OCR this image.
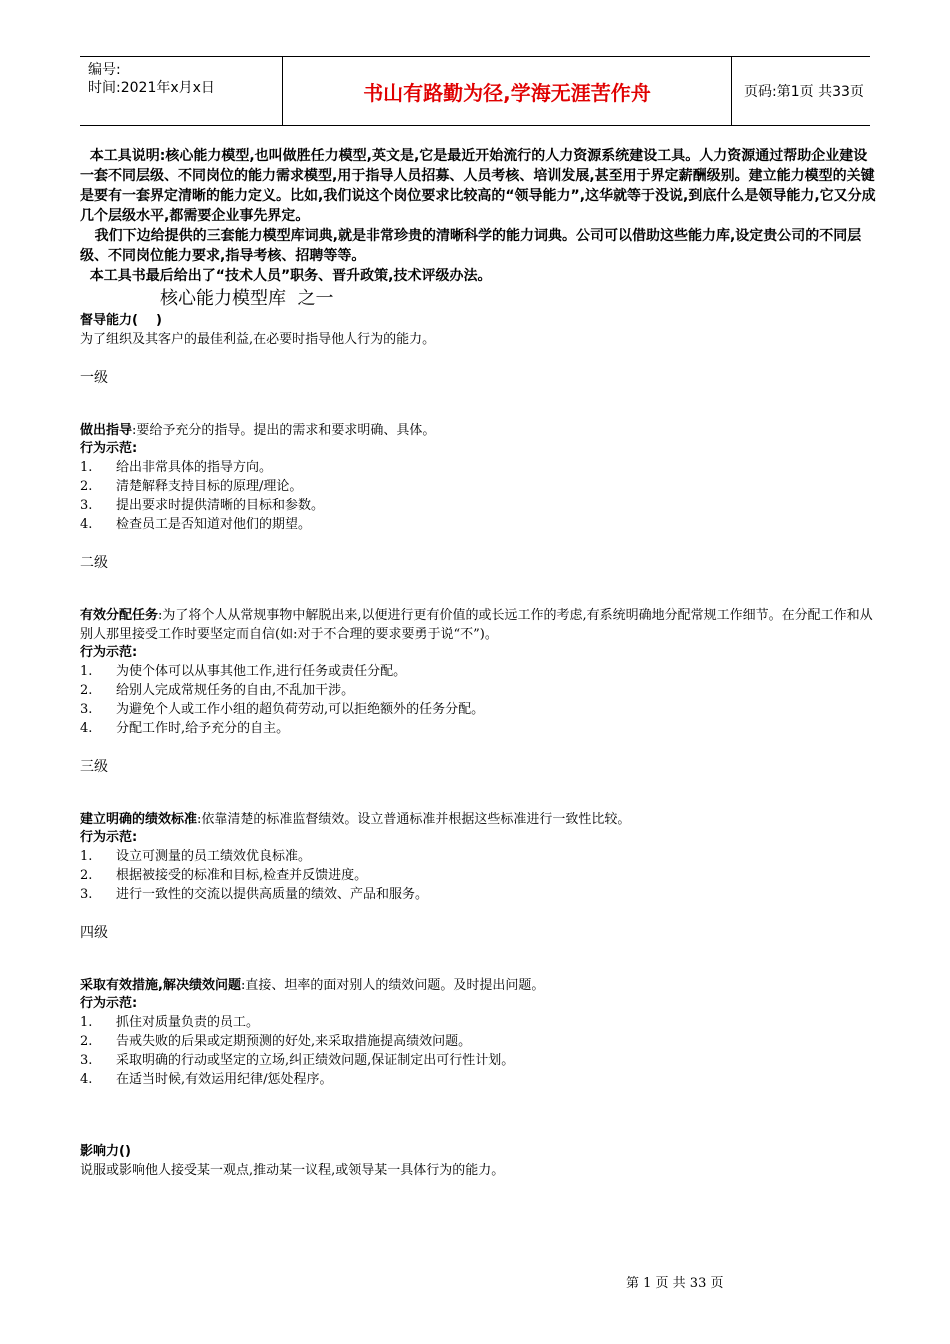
编号:
时间:2021年x月x日	书山有路勤为径,学海无涯苦作舟	页码:第1页 共33页

本工具说明:核心能力模型,也叫做胜任力模型,英文是,它是最近开始流行的人力资源系统建设工具。人力资源通过帮助企业建设一套不同层级、不同岗位的能力需求模型,用于指导人员招募、人员考核、培训发展,甚至用于界定薪酬级别。建立能力模型的关键是要有一套界定清晰的能力定义。比如,我们说这个岗位要求比较高的“领导能力”,这华就等于没说,到底什么是领导能力,它又分成几个层级水平,都需要企业事先界定。

我们下边给提供的三套能力模型库词典,就是非常珍贵的清晰科学的能力词典。公司可以借助这些能力库,设定贵公司的不同层级、不同岗位能力要求,指导考核、招聘等等。

本工具书最后给出了“技术人员”职务、晋升政策,技术评级办法。

核心能力模型库  之一

督导能力(    )

为了组织及其客户的最佳利益,在必要时指导他人行为的能力。

一级

做出指导:要给予充分的指导。提出的需求和要求明确、具体。

行为示范:

1.	给出非常具体的指导方向。
2.	清楚解释支持目标的原理/理论。
3.	提出要求时提供清晰的目标和参数。
4.	检查员工是否知道对他们的期望。
二级

有效分配任务:为了将个人从常规事物中解脱出来,以便进行更有价值的或长远工作的考虑,有系统明确地分配常规工作细节。在分配工作和从别人那里接受工作时要坚定而自信(如:对于不合理的要求要勇于说“不”)。

行为示范:

1.	为使个体可以从事其他工作,进行任务或责任分配。
2.	给别人完成常规任务的自由,不乱加干涉。
3.	为避免个人或工作小组的超负荷劳动,可以拒绝额外的任务分配。
4.	分配工作时,给予充分的自主。
三级

建立明确的绩效标准:依靠清楚的标准监督绩效。设立普通标准并根据这些标准进行一致性比较。

行为示范:

1.	设立可测量的员工绩效优良标准。
2.	根据被接受的标准和目标,检查并反馈进度。
3.	进行一致性的交流以提供高质量的绩效、产品和服务。
四级

采取有效措施,解决绩效问题:直接、坦率的面对别人的绩效问题。及时提出问题。

行为示范:

1.	抓住对质量负责的员工。
2.	告戒失败的后果或定期预测的好处,来采取措施提高绩效问题。
3.	采取明确的行动或坚定的立场,纠正绩效问题,保证制定出可行性计划。
4.	在适当时候,有效运用纪律/惩处程序。

影响力()

说服或影响他人接受某一观点,推动某一议程,或领导某一具体行为的能力。

第 1 页 共 33 页
